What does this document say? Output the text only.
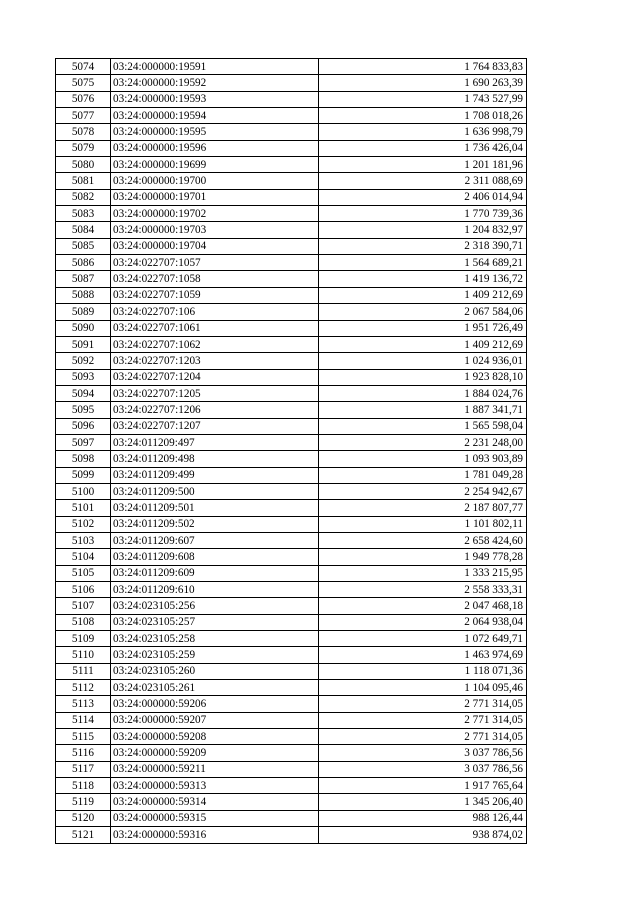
5074	03:24:000000:19591	1 764 833,83
5075	03:24:000000:19592	1 690 263,39
5076	03:24:000000:19593	1 743 527,99
5077	03:24:000000:19594	1 708 018,26
5078	03:24:000000:19595	1 636 998,79
5079	03:24:000000:19596	1 736 426,04
5080	03:24:000000:19699	1 201 181,96
5081	03:24:000000:19700	2 311 088,69
5082	03:24:000000:19701	2 406 014,94
5083	03:24:000000:19702	1 770 739,36
5084	03:24:000000:19703	1 204 832,97
5085	03:24:000000:19704	2 318 390,71
5086	03:24:022707:1057	1 564 689,21
5087	03:24:022707:1058	1 419 136,72
5088	03:24:022707:1059	1 409 212,69
5089	03:24:022707:106	2 067 584,06
5090	03:24:022707:1061	1 951 726,49
5091	03:24:022707:1062	1 409 212,69
5092	03:24:022707:1203	1 024 936,01
5093	03:24:022707:1204	1 923 828,10
5094	03:24:022707:1205	1 884 024,76
5095	03:24:022707:1206	1 887 341,71
5096	03:24:022707:1207	1 565 598,04
5097	03:24:011209:497	2 231 248,00
5098	03:24:011209:498	1 093 903,89
5099	03:24:011209:499	1 781 049,28
5100	03:24:011209:500	2 254 942,67
5101	03:24:011209:501	2 187 807,77
5102	03:24:011209:502	1 101 802,11
5103	03:24:011209:607	2 658 424,60
5104	03:24:011209:608	1 949 778,28
5105	03:24:011209:609	1 333 215,95
5106	03:24:011209:610	2 558 333,31
5107	03:24:023105:256	2 047 468,18
5108	03:24:023105:257	2 064 938,04
5109	03:24:023105:258	1 072 649,71
5110	03:24:023105:259	1 463 974,69
5111	03:24:023105:260	1 118 071,36
5112	03:24:023105:261	1 104 095,46
5113	03:24:000000:59206	2 771 314,05
5114	03:24:000000:59207	2 771 314,05
5115	03:24:000000:59208	2 771 314,05
5116	03:24:000000:59209	3 037 786,56
5117	03:24:000000:59211	3 037 786,56
5118	03:24:000000:59313	1 917 765,64
5119	03:24:000000:59314	1 345 206,40
5120	03:24:000000:59315	988 126,44
5121	03:24:000000:59316	938 874,02
